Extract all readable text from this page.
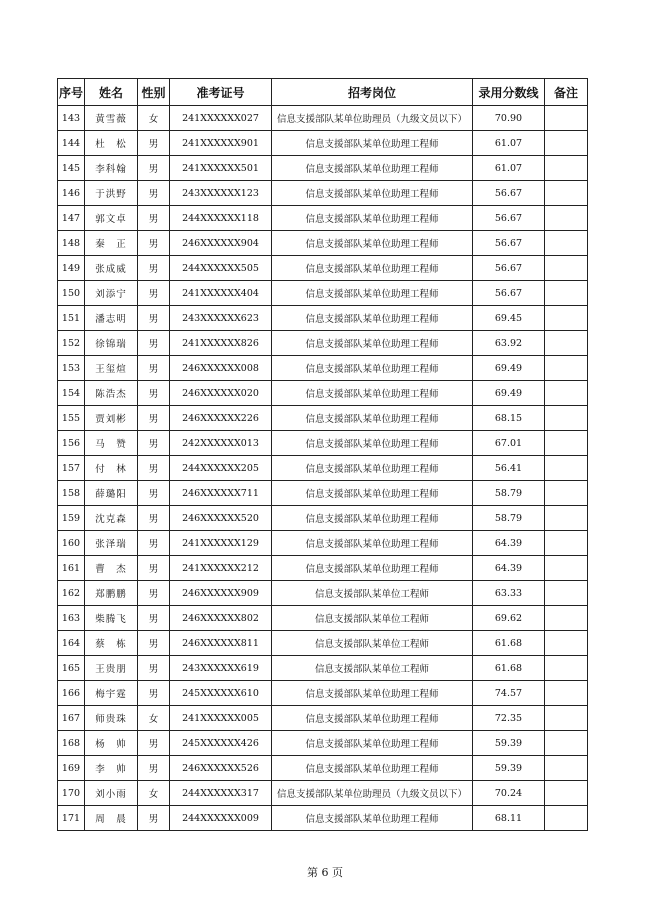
序号	姓名	性别	准考证号	招考岗位	录用分数线	备注
143	黄雪薇	女	241XXXXXX027	信息支援部队某单位助理员（九级文员以下）	70.90	
144	杜　松	男	241XXXXXX901	信息支援部队某单位助理工程师	61.07	
145	李科翰	男	241XXXXXX501	信息支援部队某单位助理工程师	61.07	
146	于洪野	男	243XXXXXX123	信息支援部队某单位助理工程师	56.67	
147	郭文卓	男	244XXXXXX118	信息支援部队某单位助理工程师	56.67	
148	秦　正	男	246XXXXXX904	信息支援部队某单位助理工程师	56.67	
149	张成威	男	244XXXXXX505	信息支援部队某单位助理工程师	56.67	
150	刘添宁	男	241XXXXXX404	信息支援部队某单位助理工程师	56.67	
151	潘志明	男	243XXXXXX623	信息支援部队某单位助理工程师	69.45	
152	徐锦瑞	男	241XXXXXX826	信息支援部队某单位助理工程师	63.92	
153	王玺煊	男	246XXXXXX008	信息支援部队某单位助理工程师	69.49	
154	陈浩杰	男	246XXXXXX020	信息支援部队某单位助理工程师	69.49	
155	贾刘彬	男	246XXXXXX226	信息支援部队某单位助理工程师	68.15	
156	马　赞	男	242XXXXXX013	信息支援部队某单位助理工程师	67.01	
157	付　林	男	244XXXXXX205	信息支援部队某单位助理工程师	56.41	
158	薛璐阳	男	246XXXXXX711	信息支援部队某单位助理工程师	58.79	
159	沈克森	男	246XXXXXX520	信息支援部队某单位助理工程师	58.79	
160	张泽瑞	男	241XXXXXX129	信息支援部队某单位助理工程师	64.39	
161	曹　杰	男	241XXXXXX212	信息支援部队某单位助理工程师	64.39	
162	郑鹏鹏	男	246XXXXXX909	信息支援部队某单位工程师	63.33	
163	柴腾飞	男	246XXXXXX802	信息支援部队某单位工程师	69.62	
164	蔡　栋	男	246XXXXXX811	信息支援部队某单位工程师	61.68	
165	王贵朋	男	243XXXXXX619	信息支援部队某单位工程师	61.68	
166	梅宇霆	男	245XXXXXX610	信息支援部队某单位助理工程师	74.57	
167	师贵珠	女	241XXXXXX005	信息支援部队某单位助理工程师	72.35	
168	杨　帅	男	245XXXXXX426	信息支援部队某单位助理工程师	59.39	
169	李　帅	男	246XXXXXX526	信息支援部队某单位助理工程师	59.39	
170	刘小雨	女	244XXXXXX317	信息支援部队某单位助理员（九级文员以下）	70.24	
171	周　晨	男	244XXXXXX009	信息支援部队某单位助理工程师	68.11	
第 6 页
